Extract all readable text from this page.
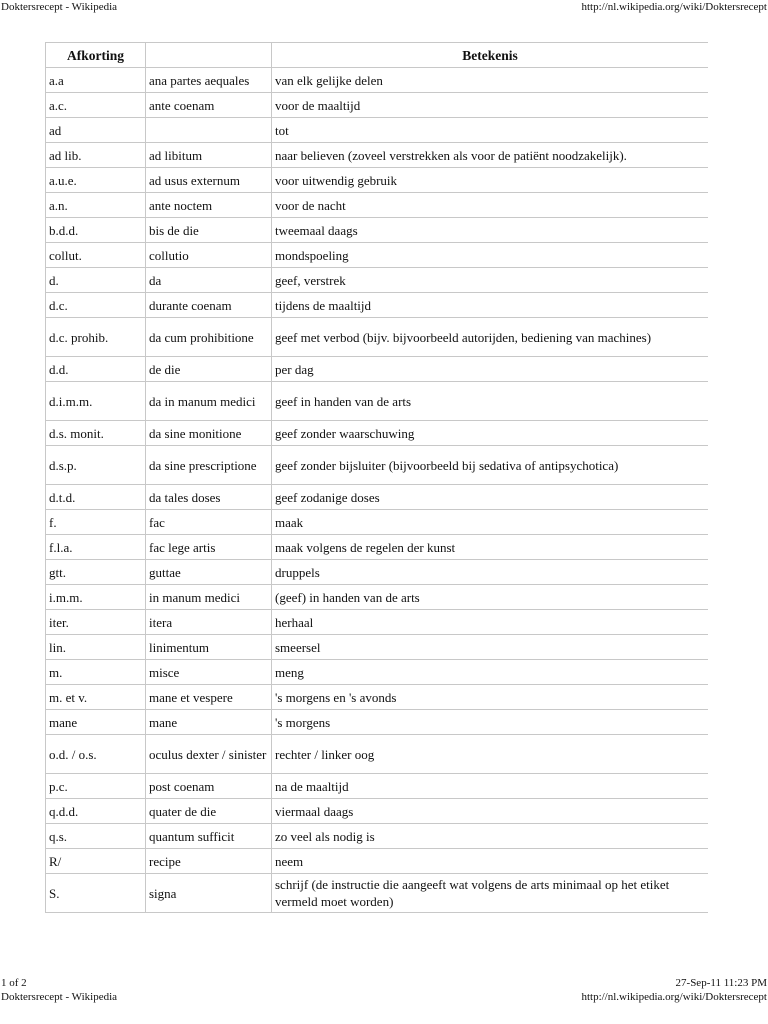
Doktersrecept - Wikipedia	http://nl.wikipedia.org/wiki/Doktersrecept
Afkorting		Betekenis
a.a	ana partes aequales	van elk gelijke delen
a.c.	ante coenam	voor de maaltijd
ad		tot
ad lib.	ad libitum	naar believen (zoveel verstrekken als voor de patiënt noodzakelijk).
a.u.e.	ad usus externum	voor uitwendig gebruik
a.n.	ante noctem	voor de nacht
b.d.d.	bis de die	tweemaal daags
collut.	collutio	mondspoeling
d.	da	geef, verstrek
d.c.	durante coenam	tijdens de maaltijd
d.c. prohib.	da cum prohibitione	geef met verbod (bijv. bijvoorbeeld autorijden, bediening van machines)
d.d.	de die	per dag
d.i.m.m.	da in manum medici	geef in handen van de arts
d.s. monit.	da sine monitione	geef zonder waarschuwing
d.s.p.	da sine prescriptione	geef zonder bijsluiter (bijvoorbeeld bij sedativa of antipsychotica)
d.t.d.	da tales doses	geef zodanige doses
f.	fac	maak
f.l.a.	fac lege artis	maak volgens de regelen der kunst
gtt.	guttae	druppels
i.m.m.	in manum medici	(geef) in handen van de arts
iter.	itera	herhaal
lin.	linimentum	smeersel
m.	misce	meng
m. et v.	mane et vespere	's morgens en 's avonds
mane	mane	's morgens
o.d. / o.s.	oculus dexter / sinister	rechter / linker oog
p.c.	post coenam	na de maaltijd
q.d.d.	quater de die	viermaal daags
q.s.	quantum sufficit	zo veel als nodig is
R/	recipe	neem
S.	signa	schrijf (de instructie die aangeeft wat volgens de arts minimaal op het etiket vermeld moet worden)
1 of 2	27-Sep-11 11:23 PM
Doktersrecept - Wikipedia	http://nl.wikipedia.org/wiki/Doktersrecept
